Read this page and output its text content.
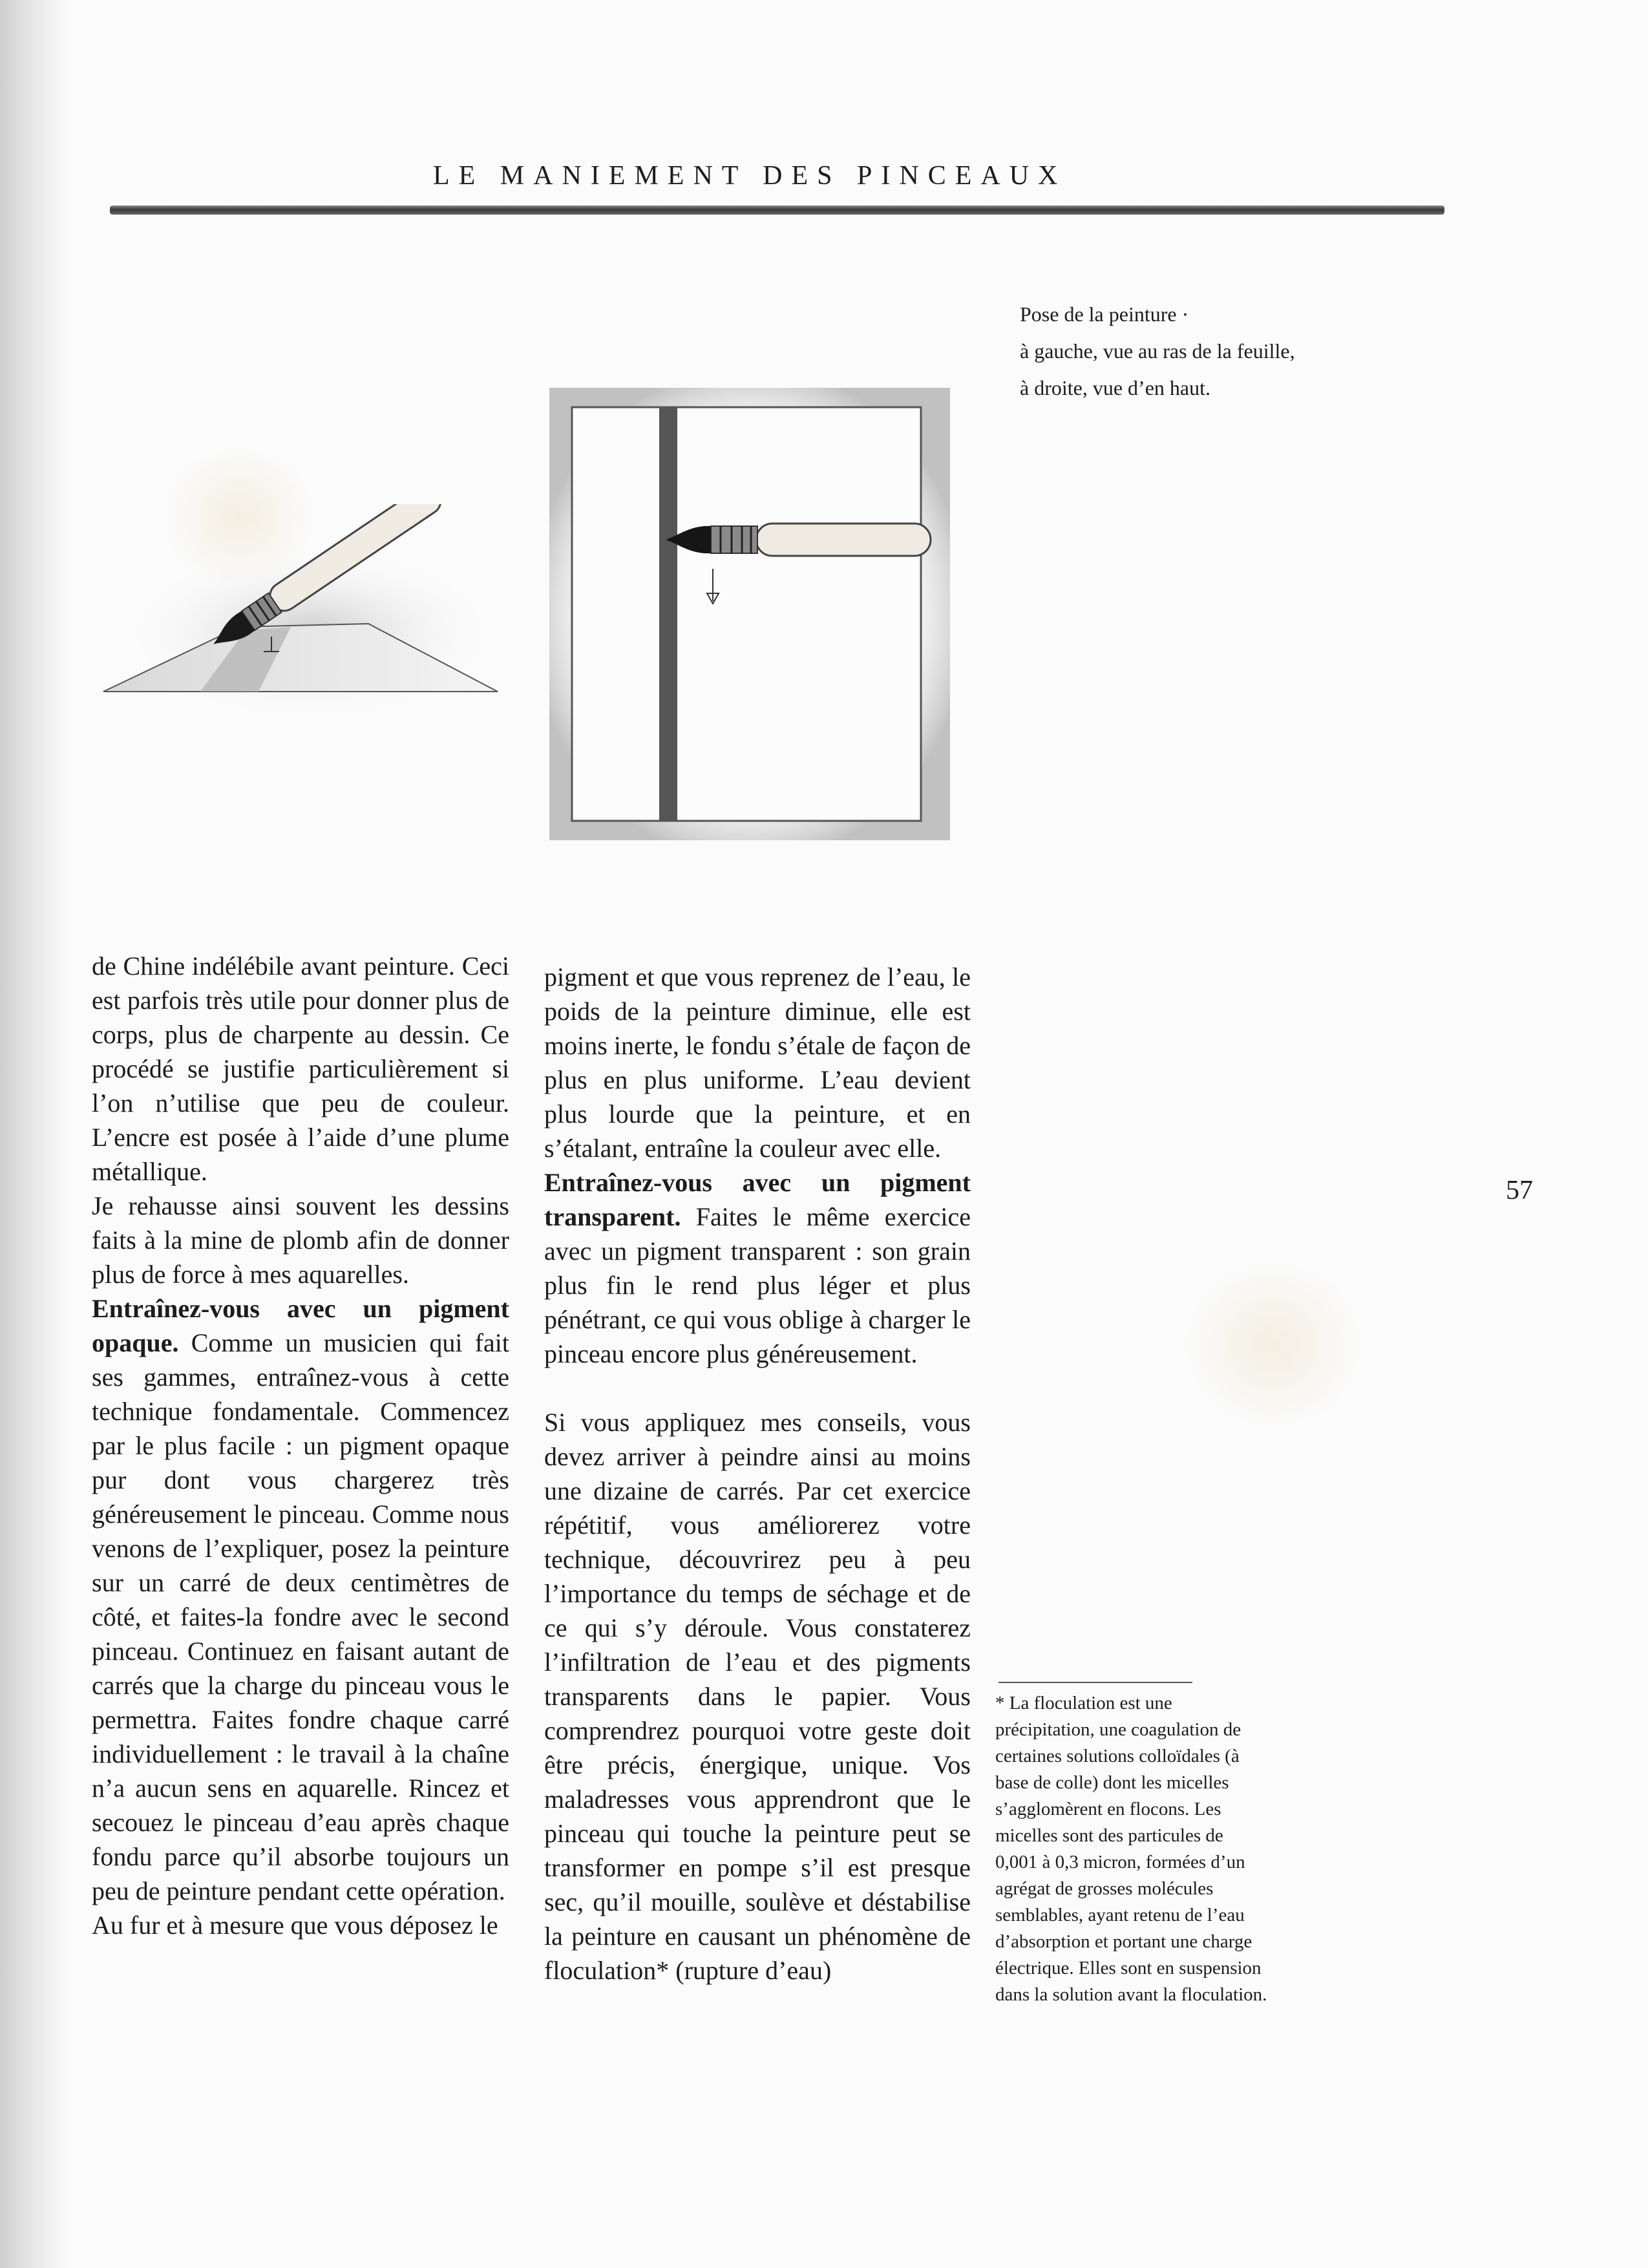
LE MANIEMENT DES PINCEAUX
Pose de la peinture ·
à gauche, vue au ras de la feuille,
à droite, vue d’en haut.

de Chine indélébile avant peinture. Ceci est parfois très utile pour donner plus de corps, plus de charpente au dessin. Ce procédé se justifie particulièrement si l’on n’utilise que peu de couleur. L’encre est posée à l’aide d’une plume métallique.

Je rehausse ainsi souvent les dessins faits à la mine de plomb afin de donner plus de force à mes aquarelles.

Entraînez-vous avec un pigment opaque. Comme un musicien qui fait ses gammes, entraînez-vous à cette technique fondamentale. Commencez par le plus facile : un pigment opaque pur dont vous chargerez très généreusement le pinceau. Comme nous venons de l’expliquer, posez la peinture sur un carré de deux centimètres de côté, et faites-la fondre avec le second pinceau. Continuez en faisant autant de carrés que la charge du pinceau vous le permettra. Faites fondre chaque carré individuellement : le travail à la chaîne n’a aucun sens en aquarelle. Rincez et secouez le pinceau d’eau après chaque fondu parce qu’il absorbe toujours un peu de peinture pendant cette opération.

Au fur et à mesure que vous déposez le

pigment et que vous reprenez de l’eau, le poids de la peinture diminue, elle est moins inerte, le fondu s’étale de façon de plus en plus uniforme. L’eau devient plus lourde que la peinture, et en s’étalant, entraîne la couleur avec elle.

Entraînez-vous avec un pigment transparent. Faites le même exercice avec un pigment transparent : son grain plus fin le rend plus léger et plus pénétrant, ce qui vous oblige à charger le pinceau encore plus généreusement.

Si vous appliquez mes conseils, vous devez arriver à peindre ainsi au moins une dizaine de carrés. Par cet exercice répétitif, vous améliorerez votre technique, découvrirez peu à peu l’importance du temps de séchage et de ce qui s’y déroule. Vous constaterez l’infiltration de l’eau et des pigments transparents dans le papier. Vous comprendrez pourquoi votre geste doit être précis, énergique, unique. Vos maladresses vous apprendront que le pinceau qui touche la peinture peut se transformer en pompe s’il est presque sec, qu’il mouille, soulève et déstabilise la peinture en causant un phénomène de floculation* (rupture d’eau)

57
* La floculation est une
précipitation, une coagulation de
certaines solutions colloïdales (à
base de colle) dont les micelles
s’agglomèrent en flocons. Les
micelles sont des particules de
0,001 à 0,3 micron, formées d’un
agrégat de grosses molécules
semblables, ayant retenu de l’eau
d’absorption et portant une charge
électrique. Elles sont en suspension
dans la solution avant la floculation.
